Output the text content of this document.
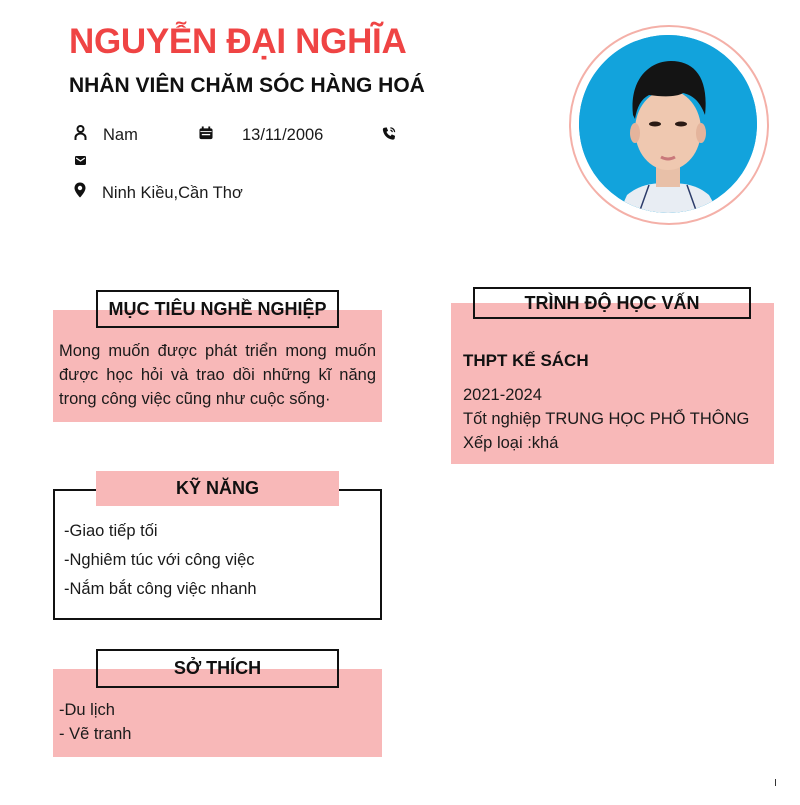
NGUYỄN ĐẠI NGHĨA
NHÂN VIÊN CHĂM SÓC HÀNG HOÁ
Nam	13/11/2006
Ninh Kiều,Cần Thơ
MỤC TIÊU NGHỀ NGHIỆP
Mong muốn được phát triển mong muốn được học hỏi và trao dồi những kĩ năng trong công việc cũng như cuộc sống·
TRÌNH ĐỘ HỌC VẤN
THPT KẾ SÁCH
2021-2024
Tốt nghiệp TRUNG HỌC PHỔ THÔNG
Xếp loại :khá
KỸ NĂNG
-Giao tiếp tối
-Nghiêm túc với công việc
-Nắm bắt công việc nhanh
SỞ THÍCH
-Du lịch
- Vẽ tranh
